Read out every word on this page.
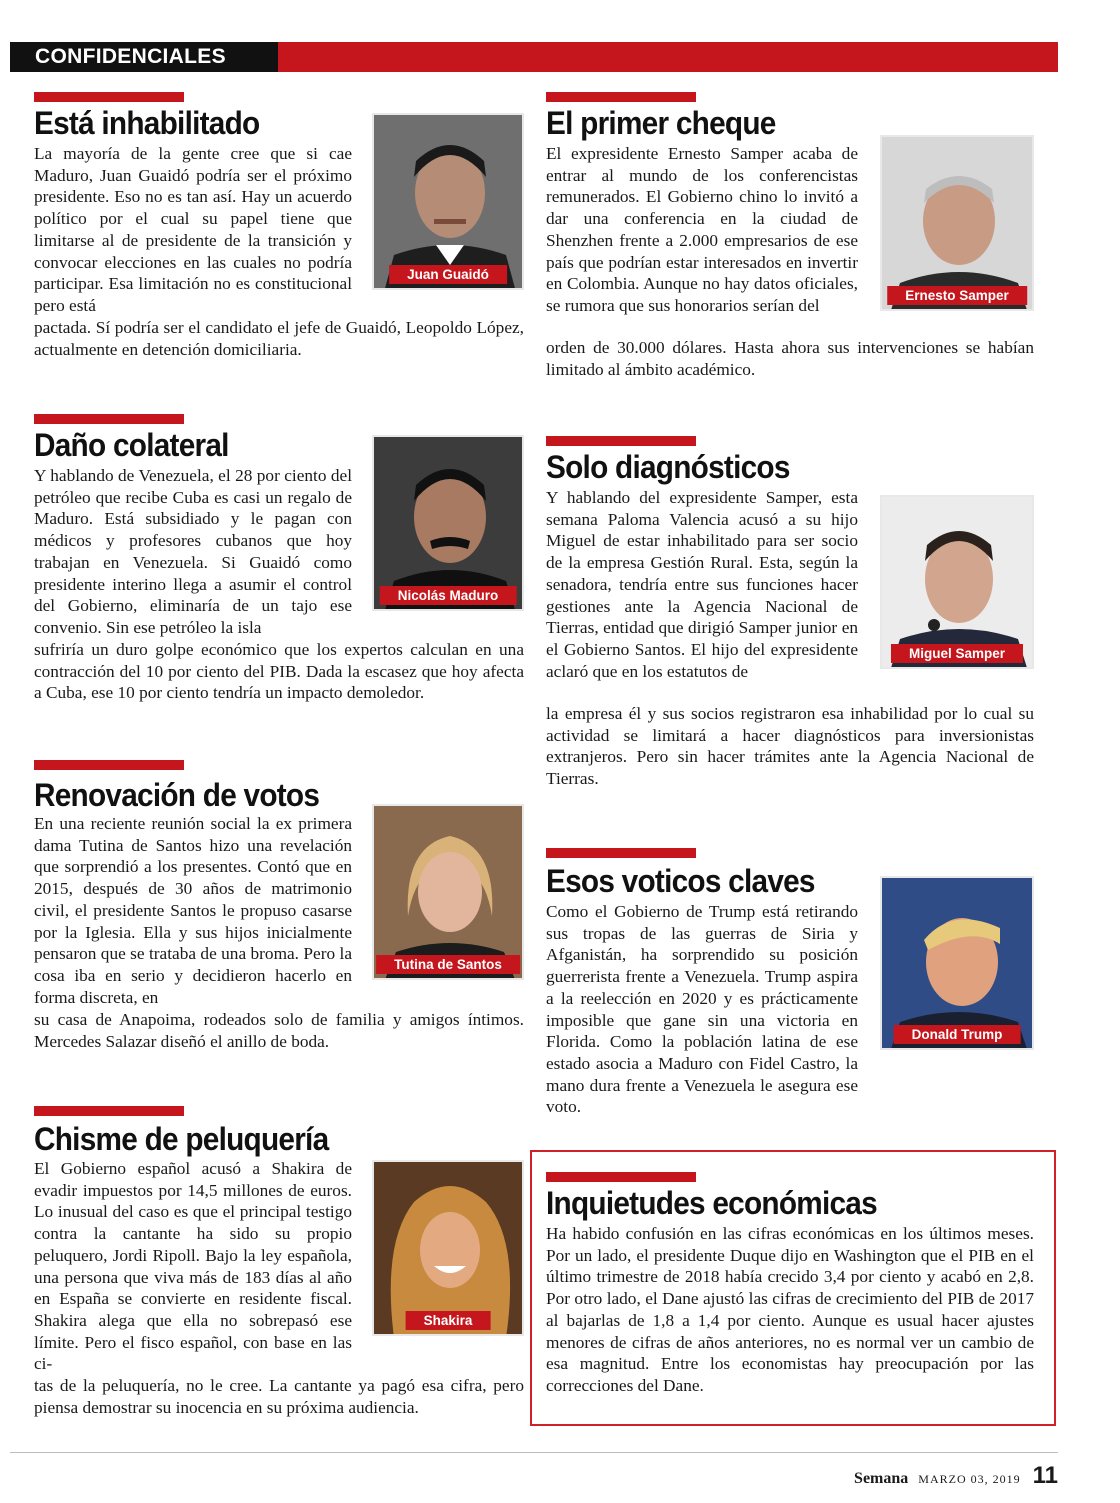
CONFIDENCIALES
Está inhabilitado

La mayoría de la gente cree que si cae Maduro, Juan Guaidó podría ser el próximo presidente. Eso no es tan así. Hay un acuerdo político por el cual su papel tiene que limitarse al de presidente de la transición y convocar elecciones en las cuales no podría participar. Esa limitación no es constitucional pero está

pactada. Sí podría ser el candidato el jefe de Guaidó, Leopoldo López, actualmente en detención domiciliaria.

Juan Guaidó
El primer cheque

El expresidente Ernesto Samper acaba de entrar al mundo de los conferencistas remunerados. El Gobierno chino lo invitó a dar una conferencia en la ciudad de Shenzhen frente a 2.000 empresarios de ese país que podrían estar interesados en invertir en Colombia. Aunque no hay datos oficiales, se rumora que sus honorarios serían del

orden de 30.000 dólares. Hasta ahora sus intervenciones se habían limitado al ámbito académico.

Ernesto Samper
Daño colateral

Y hablando de Venezuela, el 28 por ciento del petróleo que recibe Cuba es casi un regalo de Maduro. Está subsidiado y le pagan con médicos y profesores cubanos que hoy trabajan en Venezuela. Si Guaidó como presidente interino llega a asumir el control del Gobierno, eliminaría de un tajo ese convenio. Sin ese petróleo la isla

sufriría un duro golpe económico que los expertos calculan en una contracción del 10 por ciento del PIB. Dada la escasez que hoy afecta a Cuba, ese 10 por ciento tendría un impacto demoledor.

Nicolás Maduro
Solo diagnósticos

Y hablando del expresidente Samper, esta semana Paloma Valencia acusó a su hijo Miguel de estar inhabilitado para ser socio de la empresa Gestión Rural. Esta, según la senadora, tendría entre sus funciones hacer gestiones ante la Agencia Nacional de Tierras, entidad que dirigió Samper junior en el Gobierno Santos. El hijo del expresidente aclaró que en los estatutos de

la empresa él y sus socios registraron esa inhabilidad por lo cual su actividad se limitará a hacer diagnósticos para inversionistas extranjeros. Pero sin hacer trámites ante la Agencia Nacional de Tierras.

Miguel Samper
Renovación de votos

En una reciente reunión social la ex primera dama Tutina de Santos hizo una revelación que sorprendió a los presentes. Contó que en 2015, después de 30 años de matrimonio civil, el presidente Santos le propuso casarse por la Iglesia. Ella y sus hijos inicialmente pensaron que se trataba de una broma. Pero la cosa iba en serio y decidieron hacerlo en forma discreta, en

su casa de Anapoima, rodeados solo de familia y amigos íntimos. Mercedes Salazar diseñó el anillo de boda.

Tutina de Santos
Esos voticos claves

Como el Gobierno de Trump está retirando sus tropas de las guerras de Siria y Afganistán, ha sorprendido su posición guerrerista frente a Venezuela. Trump aspira a la reelección en 2020 y es prácticamente imposible que gane sin una victoria en Florida. Como la población latina de ese estado asocia a Maduro con Fidel Castro, la mano dura frente a Venezuela le asegura ese voto.

Donald Trump
Chisme de peluquería

El Gobierno español acusó a Shakira de evadir impuestos por 14,5 millones de euros. Lo inusual del caso es que el principal testigo contra la cantante ha sido su propio peluquero, Jordi Ripoll. Bajo la ley española, una persona que viva más de 183 días al año en España se convierte en residente fiscal. Shakira alega que ella no sobrepasó ese límite. Pero el fisco español, con base en las ci-

tas de la peluquería, no le cree. La cantante ya pagó esa cifra, pero piensa demostrar su inocencia en su próxima audiencia.

Shakira
Inquietudes económicas

Ha habido confusión en las cifras económicas en los últimos meses. Por un lado, el presidente Duque dijo en Washington que el PIB en el último trimestre de 2018 había crecido 3,4 por ciento y acabó en 2,8. Por otro lado, el Dane ajustó las cifras de crecimiento del PIB de 2017 al bajarlas de 1,8 a 1,4 por ciento. Aunque es usual hacer ajustes menores de cifras de años anteriores, no es normal ver un cambio de esa magnitud. Entre los economistas hay preocupación por las correcciones del Dane.

Semana MARZO 03, 2019 11
